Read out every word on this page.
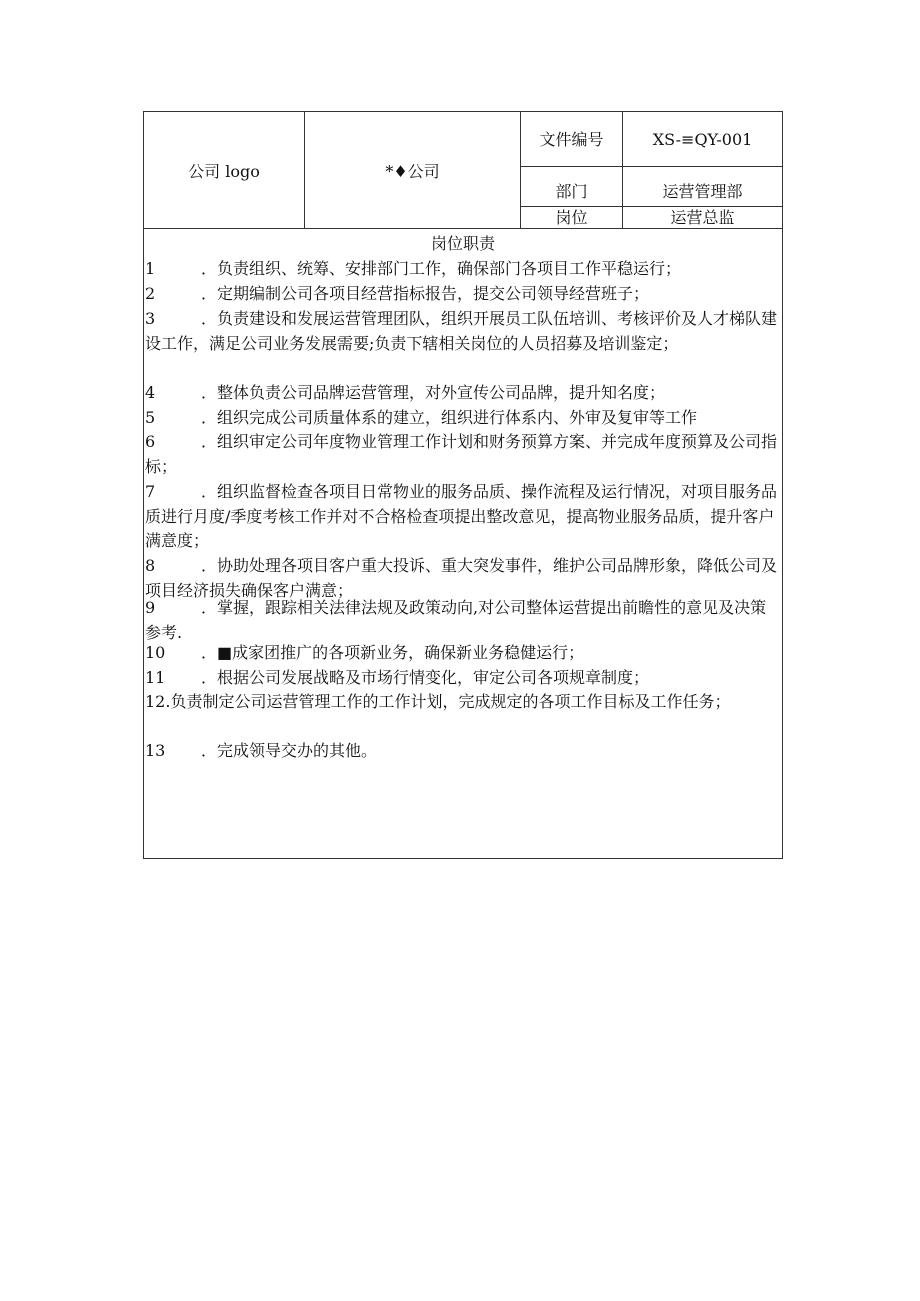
公司 logo	*♦公司
文件编号	XS-≡QY-001
部门	运营管理部
岗位	运营总监
岗位职责
1	．负责组织、统筹、安排部门工作，确保部门各项目工作平稳运行；
2	．定期编制公司各项目经营指标报告，提交公司领导经营班子；
3	．负责建设和发展运营管理团队，组织开展员工队伍培训、考核评价及人才梯队建设工作，满足公司业务发展需要;负责下辖相关岗位的人员招募及培训鉴定；
4	．整体负责公司品牌运营管理，对外宣传公司品牌，提升知名度；
5	．组织完成公司质量体系的建立，组织进行体系内、外审及复审等工作
6	．组织审定公司年度物业管理工作计划和财务预算方案、并完成年度预算及公司指标；
7	．组织监督检查各项目日常物业的服务品质、操作流程及运行情况，对项目服务品质进行月度/季度考核工作并对不合格检查项提出整改意见，提高物业服务品质，提升客户满意度；
8	．协助处理各项目客户重大投诉、重大突发事件，维护公司品牌形象，降低公司及项目经济损失确保客户满意；
9	．掌握，跟踪相关法律法规及政策动向,对公司整体运营提出前瞻性的意见及决策参考.
10 ．■成家团推广的各项新业务，确保新业务稳健运行；
11 ．根据公司发展战略及市场行情变化，审定公司各项规章制度；
12.负责制定公司运营管理工作的工作计划，完成规定的各项工作目标及工作任务；
13 ．完成领导交办的其他。
